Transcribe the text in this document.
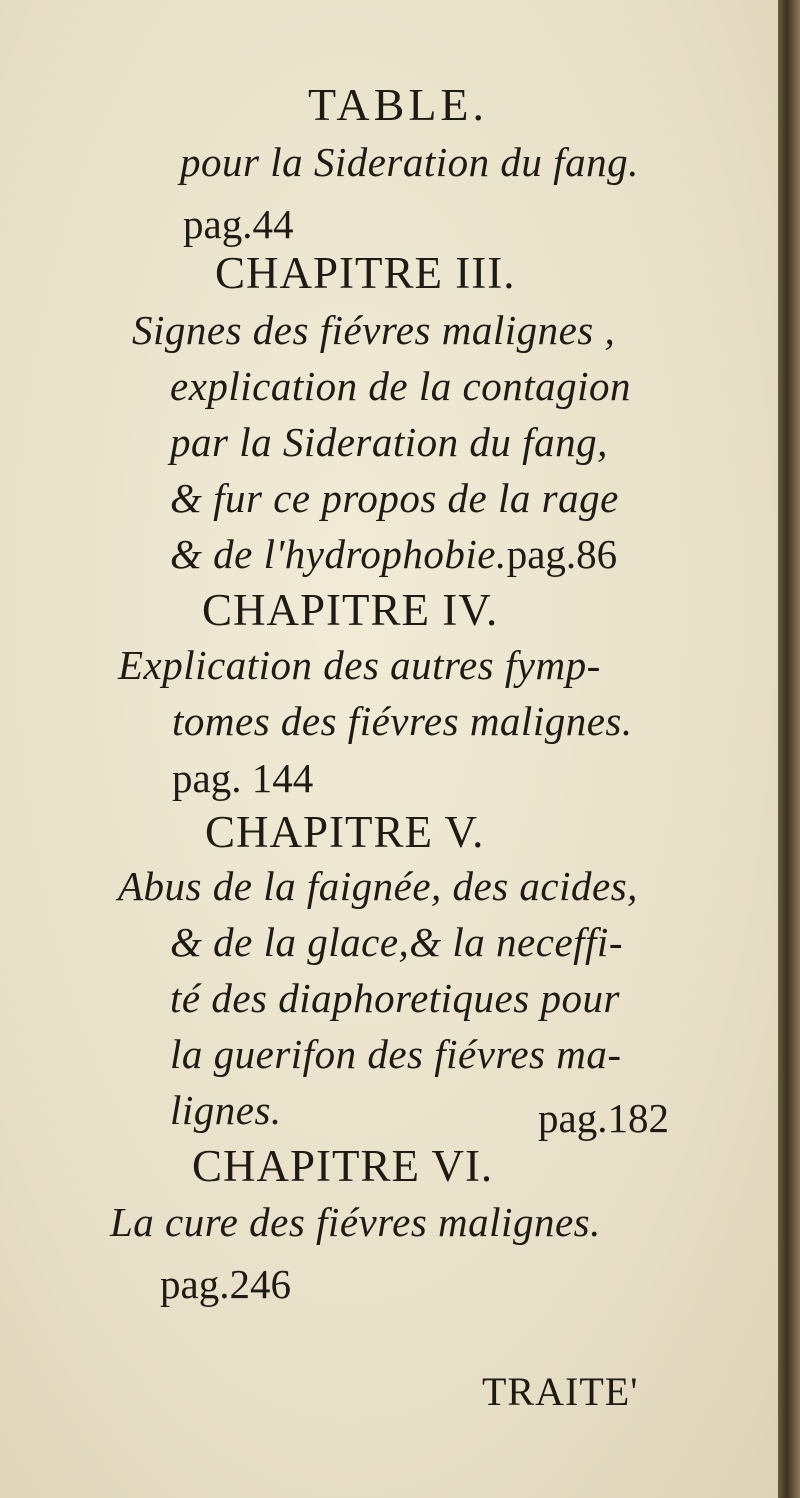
TABLE.
pour la Sideration du fang.
pag.44
CHAPITRE III.
Signes des fiévres malignes ,
explication de la contagion
par la Sideration du fang,
& fur ce propos de la rage
& de l'hydrophobie.pag.86
CHAPITRE IV.
Explication des autres fymp-
tomes des fiévres malignes.
pag. 144
CHAPITRE V.
Abus de la faignée, des acides,
& de la glace,& la neceffi-
té des diaphoretiques pour
la guerifon des fiévres ma-
lignes.	pag.182
CHAPITRE VI.
La cure des fiévres malignes.
pag.246
TRAITE'
